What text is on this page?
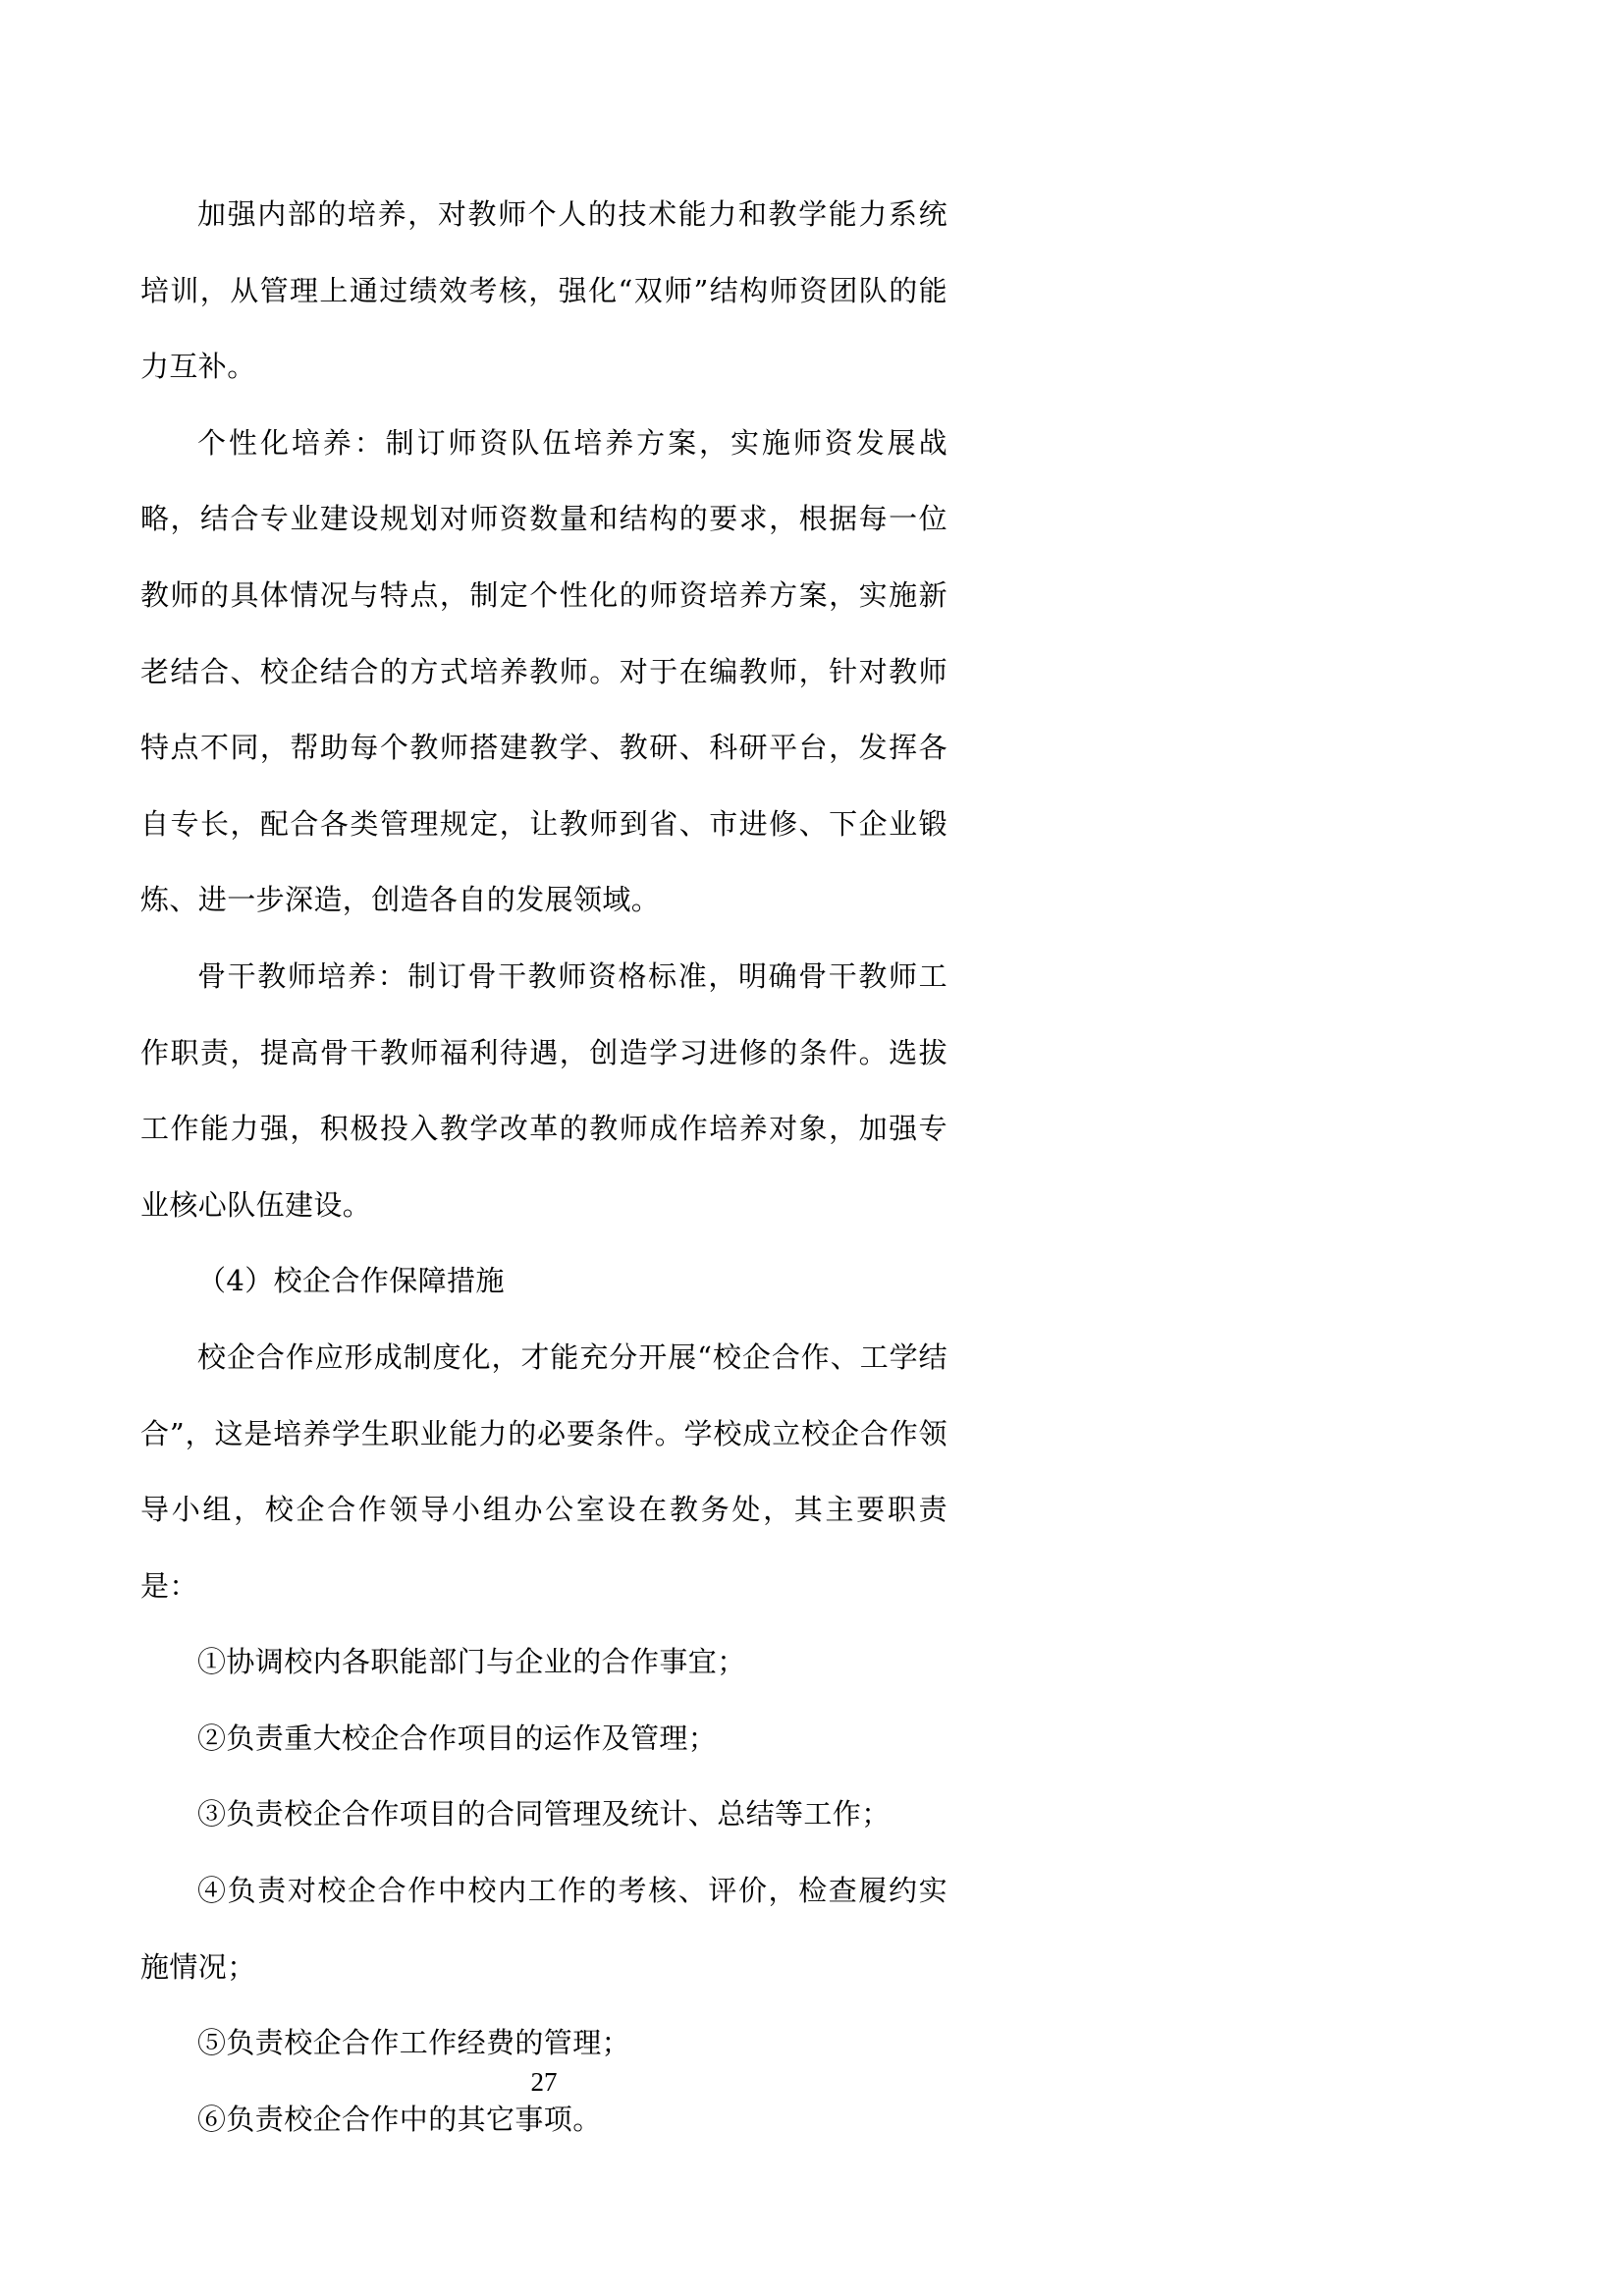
加强内部的培养，对教师个人的技术能力和教学能力系统培训，从管理上通过绩效考核，强化“双师”结构师资团队的能力互补。

个性化培养：制订师资队伍培养方案，实施师资发展战略，结合专业建设规划对师资数量和结构的要求，根据每一位教师的具体情况与特点，制定个性化的师资培养方案，实施新老结合、校企结合的方式培养教师。对于在编教师，针对教师特点不同，帮助每个教师搭建教学、教研、科研平台，发挥各自专长，配合各类管理规定，让教师到省、市进修、下企业锻炼、进一步深造，创造各自的发展领域。

骨干教师培养：制订骨干教师资格标准，明确骨干教师工作职责，提高骨干教师福利待遇，创造学习进修的条件。选拔工作能力强，积极投入教学改革的教师成作培养对象，加强专业核心队伍建设。

（4）校企合作保障措施

校企合作应形成制度化，才能充分开展“校企合作、工学结合”，这是培养学生职业能力的必要条件。学校成立校企合作领导小组，校企合作领导小组办公室设在教务处，其主要职责是：

①协调校内各职能部门与企业的合作事宜；

②负责重大校企合作项目的运作及管理；

③负责校企合作项目的合同管理及统计、总结等工作；

④负责对校企合作中校内工作的考核、评价，检查履约实施情况；

⑤负责校企合作工作经费的管理；

⑥负责校企合作中的其它事项。

27
